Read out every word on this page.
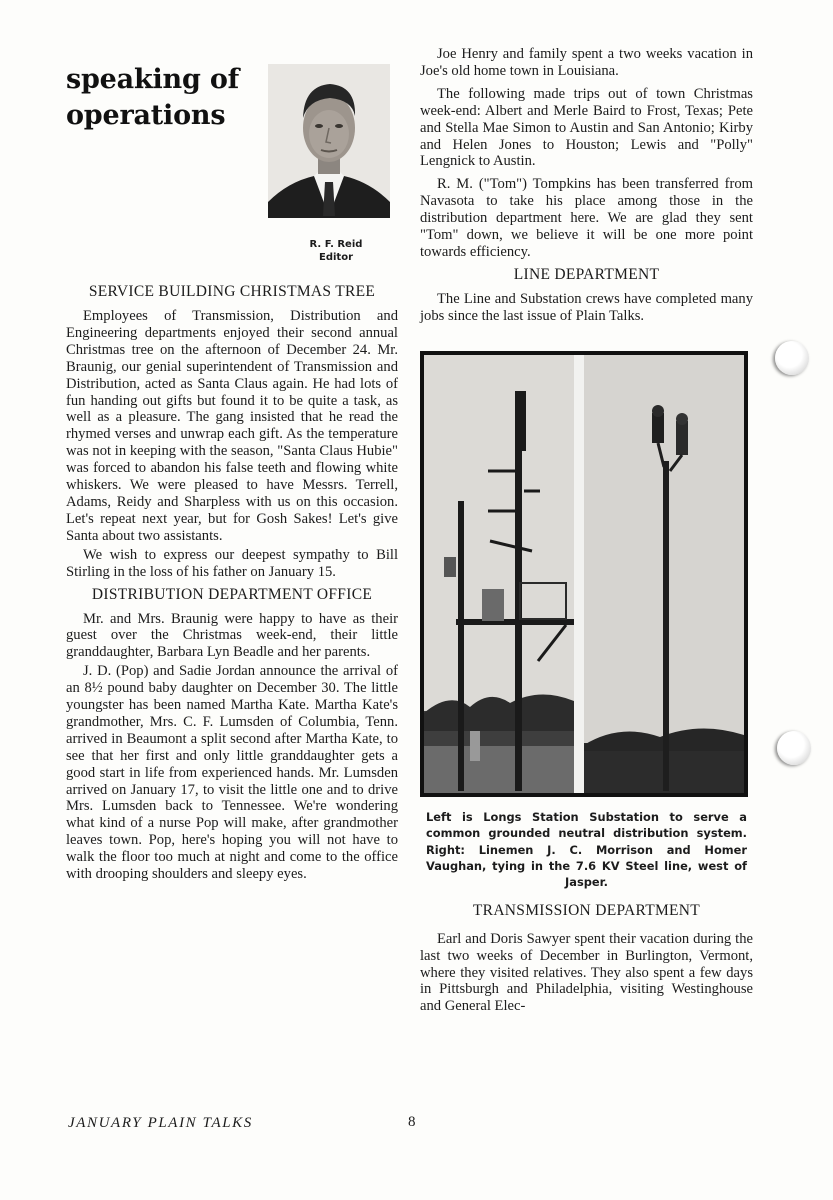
speaking of
operations
R. F. Reid
Editor
SERVICE BUILDING CHRISTMAS TREE

Employees of Transmission, Distribution and Engineering departments enjoyed their second annual Christmas tree on the afternoon of December 24. Mr. Braunig, our genial superintendent of Transmission and Distribution, acted as Santa Claus again. He had lots of fun handing out gifts but found it to be quite a task, as well as a pleasure. The gang insisted that he read the rhymed verses and unwrap each gift. As the temperature was not in keeping with the season, "Santa Claus Hubie" was forced to abandon his false teeth and flowing white whiskers. We were pleased to have Messrs. Terrell, Adams, Reidy and Sharpless with us on this occasion. Let's repeat next year, but for Gosh Sakes! Let's give Santa about two assistants.

We wish to express our deepest sympathy to Bill Stirling in the loss of his father on January 15.

DISTRIBUTION DEPARTMENT OFFICE

Mr. and Mrs. Braunig were happy to have as their guest over the Christmas week-end, their little granddaughter, Barbara Lyn Beadle and her parents.

J. D. (Pop) and Sadie Jordan announce the arrival of an 8½ pound baby daughter on December 30. The little youngster has been named Martha Kate. Martha Kate's grandmother, Mrs. C. F. Lumsden of Columbia, Tenn. arrived in Beaumont a split second after Martha Kate, to see that her first and only little granddaughter gets a good start in life from experienced hands. Mr. Lumsden arrived on January 17, to visit the little one and to drive Mrs. Lumsden back to Tennessee. We're wondering what kind of a nurse Pop will make, after grandmother leaves town. Pop, here's hoping you will not have to walk the floor too much at night and come to the office with drooping shoulders and sleepy eyes.

Joe Henry and family spent a two weeks vacation in Joe's old home town in Louisiana.

The following made trips out of town Christmas week-end: Albert and Merle Baird to Frost, Texas; Pete and Stella Mae Simon to Austin and San Antonio; Kirby and Helen Jones to Houston; Lewis and "Polly" Lengnick to Austin.

R. M. ("Tom") Tompkins has been transferred from Navasota to take his place among those in the distribution department here. We are glad they sent "Tom" down, we believe it will be one more point towards efficiency.

LINE DEPARTMENT

The Line and Substation crews have completed many jobs since the last issue of Plain Talks.

Left is Longs Station Substation to serve a common grounded neutral distribution system. Right: Linemen J. C. Morrison and Homer Vaughan, tying in the 7.6 KV Steel line, west of Jasper.
TRANSMISSION DEPARTMENT

Earl and Doris Sawyer spent their vacation during the last two weeks of December in Burlington, Vermont, where they visited relatives. They also spent a few days in Pittsburgh and Philadelphia, visiting Westinghouse and General Elec-

JANUARY PLAIN TALKS	8
